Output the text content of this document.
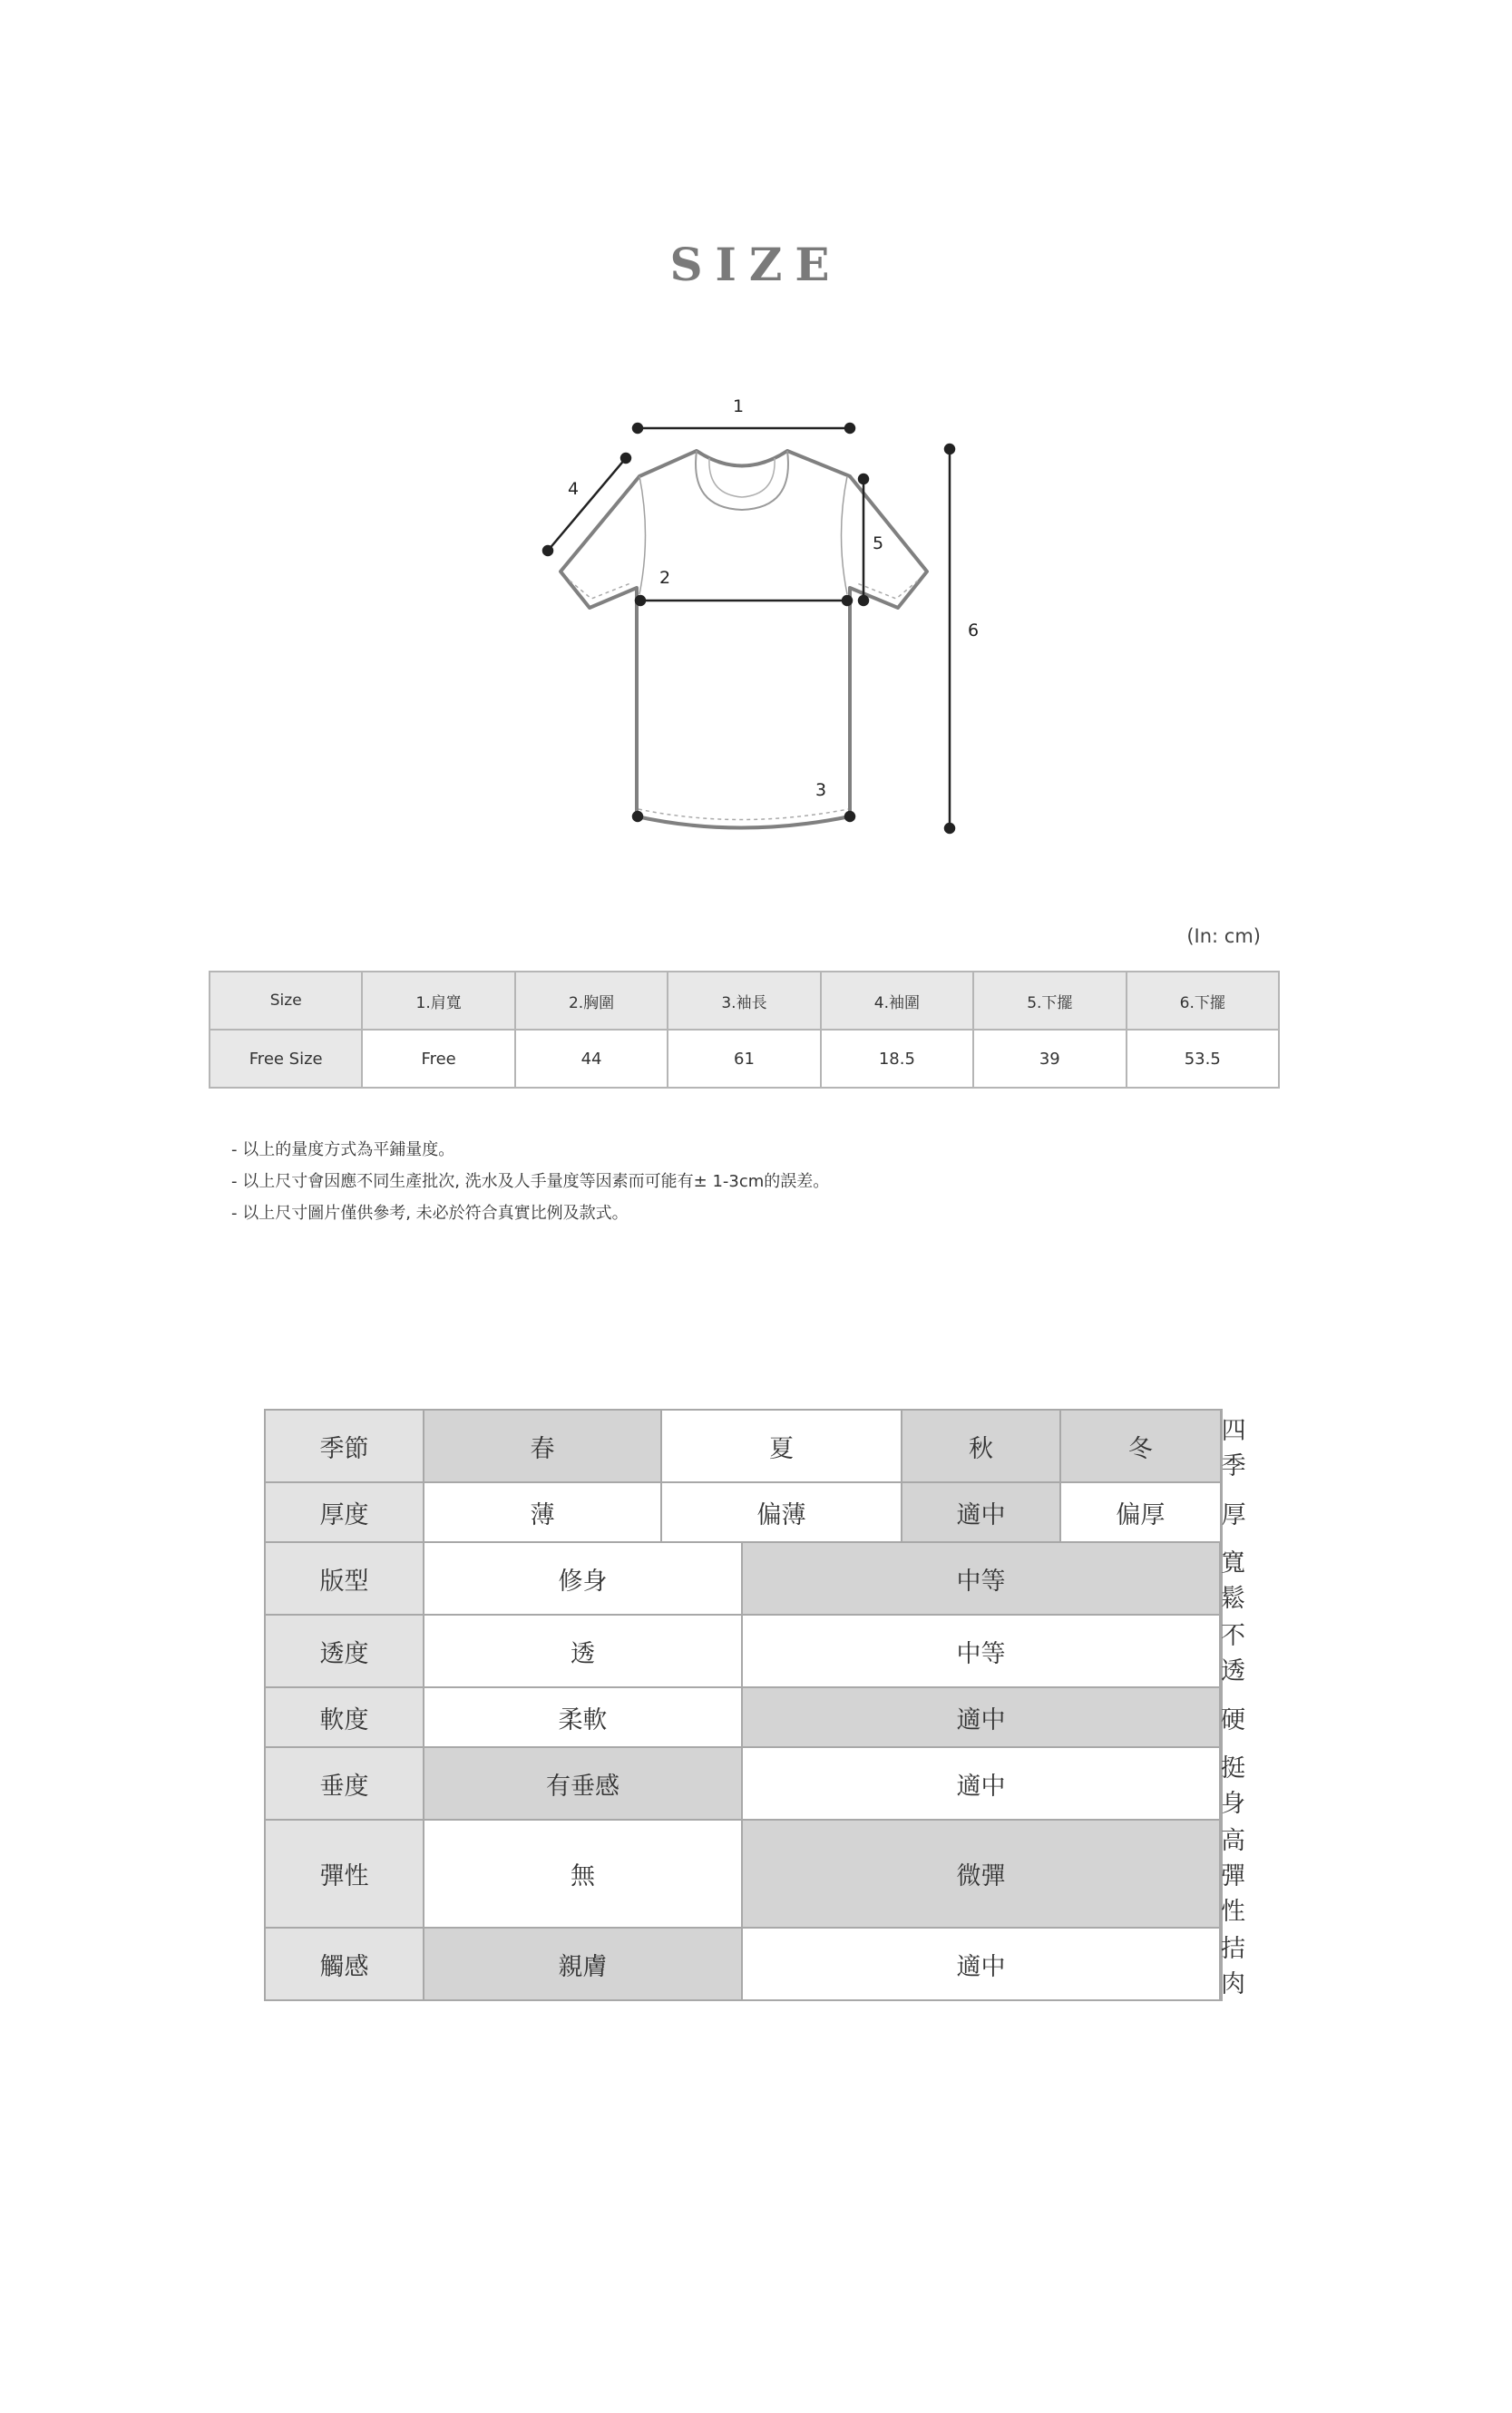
SIZE
1
2
3
4
5
6
(In: cm)
Size	1.肩寬	2.胸圍	3.袖長	4.袖圍	5.下擺	6.下擺
Free Size	Free	44	61	18.5	39	53.5
- 以上的量度方式為平鋪量度。
- 以上尺寸會因應不同生產批次, 洗水及人手量度等因素而可能有± 1-3cm的誤差。
- 以上尺寸圖片僅供參考, 未必於符合真實比例及款式。
季節	春	夏		秋	冬	四季
厚度	薄	偏薄		適中	偏厚	厚
版型	修身		中等			寬鬆
透度	透		中等			不透
軟度	柔軟		適中			硬
垂度	有垂感		適中			挺身
彈性	無		微彈			高彈性
觸感	親膚		適中			拮肉
